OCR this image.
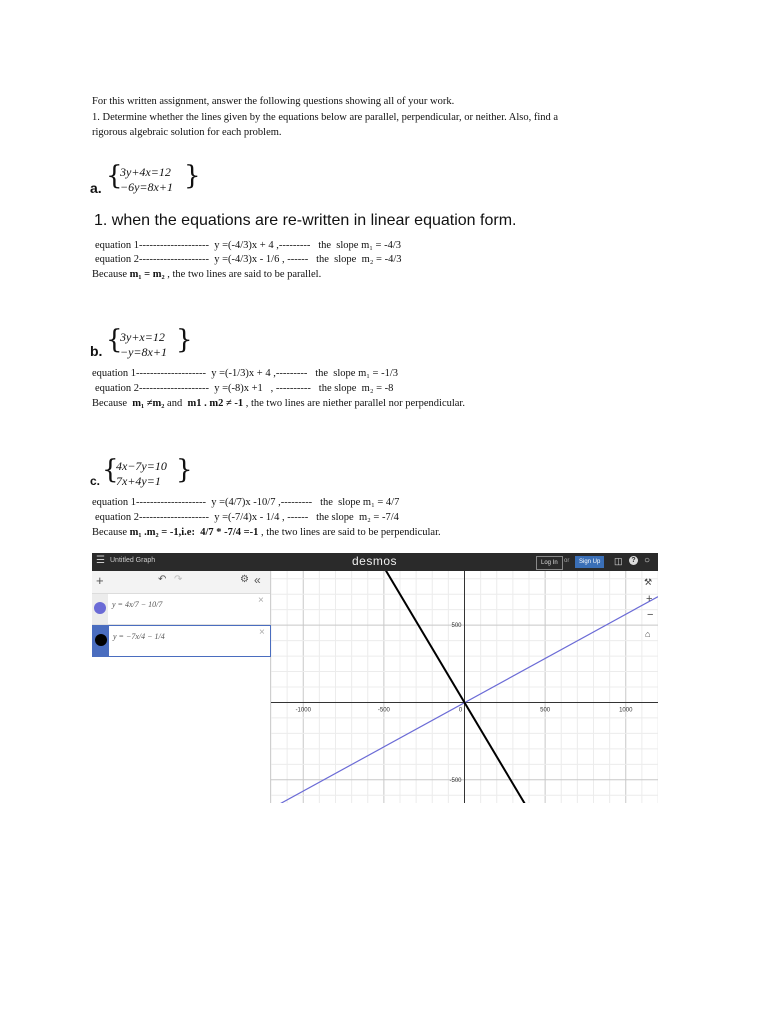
For this written assignment, answer the following questions showing all of your work.
1. Determine whether the lines given by the equations below are parallel, perpendicular, or neither. Also, find a
rigorous algebraic solution for each problem.
a. {
3y+4x=12
−6y=8x+1 }
1. when the equations are re-written in linear equation form.
equation 1-------------------- y =(-4/3)x + 4 ,--------- the  slope m₁ = -4/3
equation 2-------------------- y =(-4/3)x - 1/6 , ------ the  slope  m₂ = -4/3
Because m₁ = m₂ , the two lines are said to be parallel.
b. {
3y+x=12
−y=8x+1 }
equation 1-------------------- y =(-1/3)x + 4 ,--------- the  slope m₁ = -1/3
equation 2-------------------- y =(-8)x +1   , ---------- the slope  m₂ = -8
Because  m₁ ≠m₂ and  m1 . m2 ≠ -1 , the two lines are niether parallel nor perpendicular.
c. {
4x−7y=10
7x+4y=1 }
equation 1-------------------- y =(4/7)x -10/7 ,--------- the  slope m₁ = 4/7
equation 2-------------------- y =(-7/4)x - 1/4 , ------ the slope  m₂ = -7/4
Because m₁ .m₂ = -1,i.e:  4/7 * -7/4 =-1 , the two lines are said to be perpendicular.
☰ Untitled Graph	desmos	Log In	or	Sign Up	◫	? ○
+	↶ ↷	⚙ «
y = 4x/7 − 10/7	×
y = −7x/4 − 1/4	×
-1000	-500	0	500	1000
500
-500
⚒
+
−
⌂
